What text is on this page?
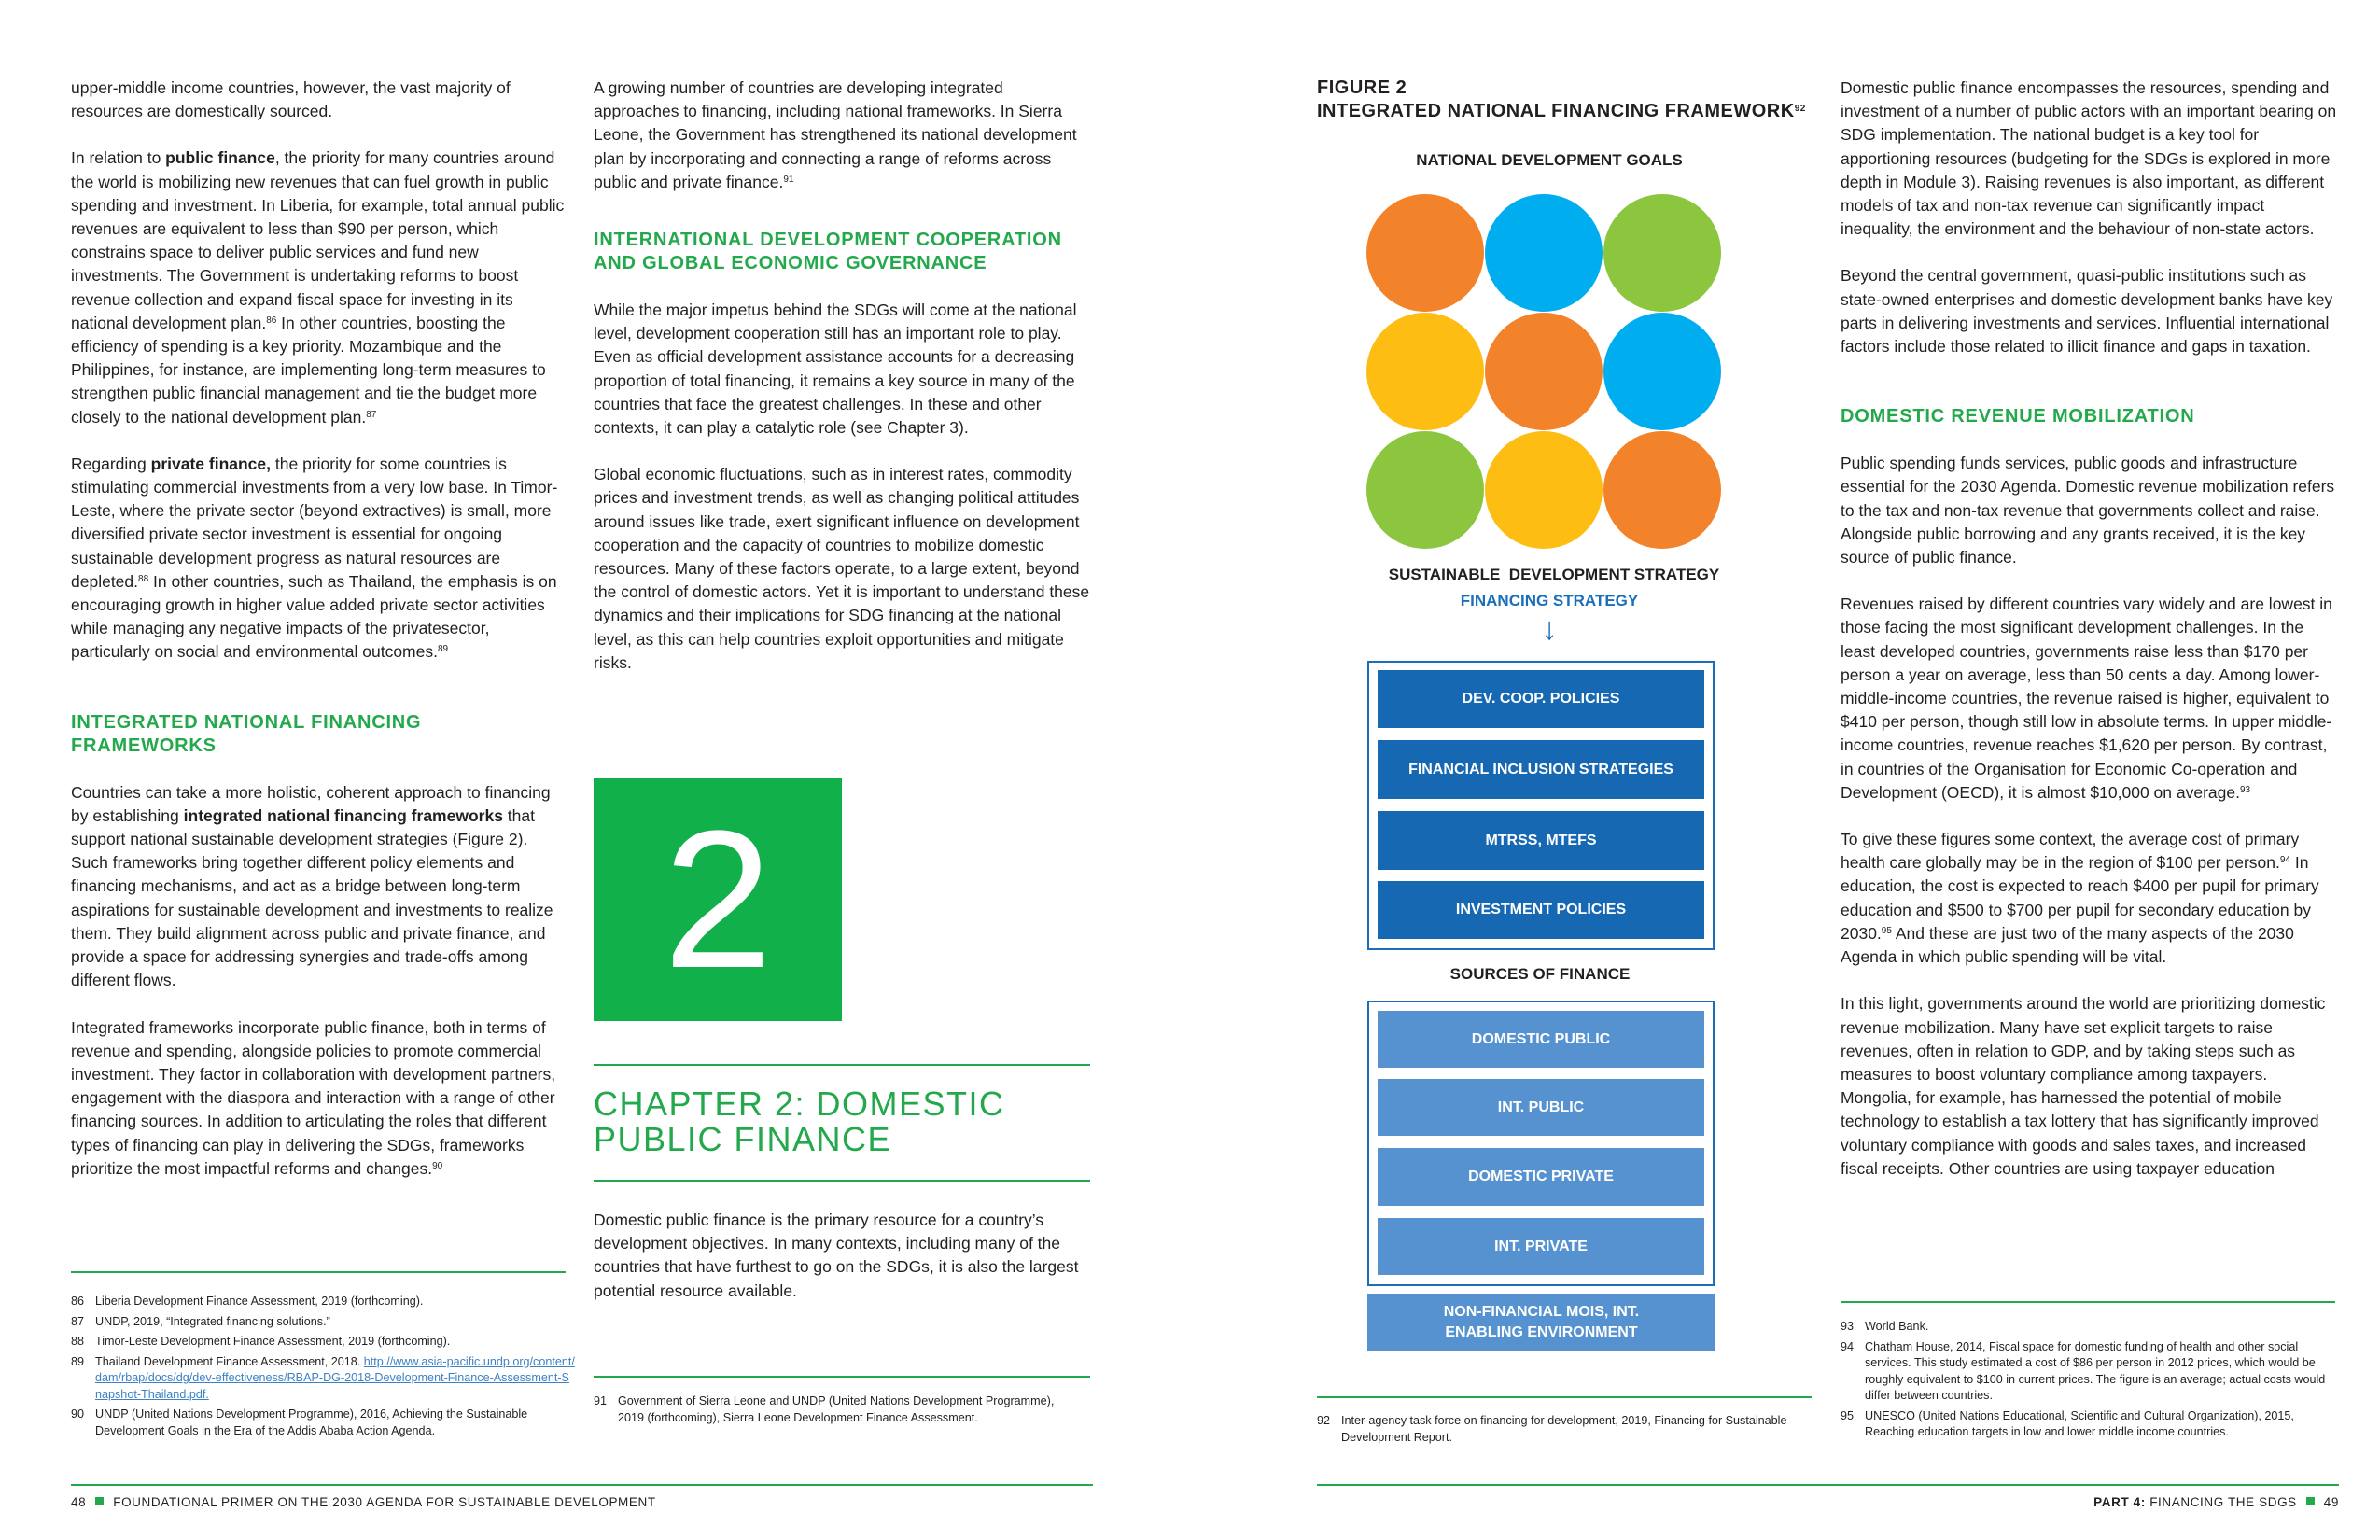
upper-middle income countries, however, the vast majority of resources are domestically sourced.

In relation to public finance, the priority for many countries around the world is mobilizing new revenues that can fuel growth in public spending and investment. In Liberia, for example, total annual public revenues are equivalent to less than $90 per person, which constrains space to deliver public services and fund new investments. The Government is undertaking reforms to boost revenue collection and expand fiscal space for investing in its national development plan.$^{86}$ In other countries, boosting the efficiency of spending is a key priority. Mozambique and the Philippines, for instance, are implementing long-term measures to strengthen public financial management and tie the budget more closely to the national development plan.$^{87}$

Regarding private finance, the priority for some countries is stimulating commercial investments from a very low base. In Timor-Leste, where the private sector (beyond extractives) is small, more diversified private sector investment is essential for ongoing sustainable development progress as natural resources are depleted.$^{88}$ In other countries, such as Thailand, the emphasis is on encouraging growth in higher value added private sector activities while managing any negative impacts of the privatesector, particularly on social and environmental outcomes.$^{89}$

INTEGRATED NATIONAL FINANCING FRAMEWORKS

Countries can take a more holistic, coherent approach to financing by establishing integrated national financing frameworks that support national sustainable development strategies (Figure 2). Such frameworks bring together different policy elements and financing mechanisms, and act as a bridge between long-term aspirations for sustainable development and investments to realize them. They build alignment across public and private finance, and provide a space for addressing synergies and trade-offs among different flows.

Integrated frameworks incorporate public finance, both in terms of revenue and spending, alongside policies to promote commercial investment. They factor in collaboration with development partners, engagement with the diaspora and interaction with a range of other financing sources. In addition to articulating the roles that different types of financing can play in delivering the SDGs, frameworks prioritize the most impactful reforms and changes.$^{90}$

86 Liberia Development Finance Assessment, 2019 (forthcoming).
87 UNDP, 2019, “Integrated financing solutions.”
88 Timor-Leste Development Finance Assessment, 2019 (forthcoming).
89 Thailand Development Finance Assessment, 2018. http://www.asia-pacific.undp.org/content/dam/rbap/docs/dg/dev-effectiveness/RBAP-DG-2018-Development-Finance-Assessment-Snapshot-Thailand.pdf.
90 UNDP (United Nations Development Programme), 2016, Achieving the Sustainable Development Goals in the Era of the Addis Ababa Action Agenda.

A growing number of countries are developing integrated approaches to financing, including national frameworks. In Sierra Leone, the Government has strengthened its national development plan by incorporating and connecting a range of reforms across public and private finance.$^{91}$

INTERNATIONAL DEVELOPMENT COOPERATION AND GLOBAL ECONOMIC GOVERNANCE

While the major impetus behind the SDGs will come at the national level, development cooperation still has an important role to play. Even as official development assistance accounts for a decreasing proportion of total financing, it remains a key source in many of the countries that face the greatest challenges. In these and other contexts, it can play a catalytic role (see Chapter 3).

Global economic fluctuations, such as in interest rates, commodity prices and investment trends, as well as changing political attitudes around issues like trade, exert significant influence on development cooperation and the capacity of countries to mobilize domestic resources. Many of these factors operate, to a large extent, beyond the control of domestic actors. Yet it is important to understand these dynamics and their implications for SDG financing at the national level, as this can help countries exploit opportunities and mitigate risks.

2
CHAPTER 2: DOMESTIC PUBLIC FINANCE

Domestic public finance is the primary resource for a country’s development objectives. In many contexts, including many of the countries that have furthest to go on the SDGs, it is also the largest potential resource available.

91 Government of Sierra Leone and UNDP (United Nations Development Programme), 2019 (forthcoming), Sierra Leone Development Finance Assessment.
48 FOUNDATIONAL PRIMER ON THE 2030 AGENDA FOR SUSTAINABLE DEVELOPMENT
FIGURE 2
INTEGRATED NATIONAL FINANCING FRAMEWORK$^{92}$
NATIONAL DEVELOPMENT GOALS
SUSTAINABLE  DEVELOPMENT STRATEGY
FINANCING STRATEGY
↓
DEV. COOP. POLICIES
FINANCIAL INCLUSION STRATEGIES
MTRSS, MTEFS
INVESTMENT POLICIES
SOURCES OF FINANCE
DOMESTIC PUBLIC
INT. PUBLIC
DOMESTIC PRIVATE
INT. PRIVATE
NON-FINANCIAL MOIS, INT. ENABLING ENVIRONMENT
92 Inter-agency task force on financing for development, 2019, Financing for Sustainable Development Report.

Domestic public finance encompasses the resources, spending and investment of a number of public actors with an important bearing on SDG implementation. The national budget is a key tool for apportioning resources (budgeting for the SDGs is explored in more depth in Module 3). Raising revenues is also important, as different models of tax and non-tax revenue can significantly impact inequality, the environment and the behaviour of non-state actors.

Beyond the central government, quasi-public institutions such as state-owned enterprises and domestic development banks have key parts in delivering investments and services. Influential international factors include those related to illicit finance and gaps in taxation.

DOMESTIC REVENUE MOBILIZATION

Public spending funds services, public goods and infrastructure essential for the 2030 Agenda. Domestic revenue mobilization refers to the tax and non-tax revenue that governments collect and raise. Alongside public borrowing and any grants received, it is the key source of public finance.

Revenues raised by different countries vary widely and are lowest in those facing the most significant development challenges. In the least developed countries, governments raise less than $170 per person a year on average, less than 50 cents a day. Among lower-middle-income countries, the revenue raised is higher, equivalent to $410 per person, though still low in absolute terms. In upper middle-income countries, revenue reaches $1,620 per person. By contrast, in countries of the Organisation for Economic Co-operation and Development (OECD), it is almost $10,000 on average.$^{93}$

To give these figures some context, the average cost of primary health care globally may be in the region of $100 per person.$^{94}$ In education, the cost is expected to reach $400 per pupil for primary education and $500 to $700 per pupil for secondary education by 2030.95 And these are just two of the many aspects of the 2030 Agenda in which public spending will be vital.

In this light, governments around the world are prioritizing domestic revenue mobilization. Many have set explicit targets to raise revenues, often in relation to GDP, and by taking steps such as measures to boost voluntary compliance among taxpayers. Mongolia, for example, has harnessed the potential of mobile technology to establish a tax lottery that has significantly improved voluntary compliance with goods and sales taxes, and increased fiscal receipts. Other countries are using taxpayer education

93 World Bank.
94 Chatham House, 2014, Fiscal space for domestic funding of health and other social services. This study estimated a cost of $86 per person in 2012 prices, which would be roughly equivalent to $100 in current prices. The figure is an average; actual costs would differ between countries.
95 UNESCO (United Nations Educational, Scientific and Cultural Organization), 2015, Reaching education targets in low and lower middle income countries.
PART 4: FINANCING THE SDGS 49
